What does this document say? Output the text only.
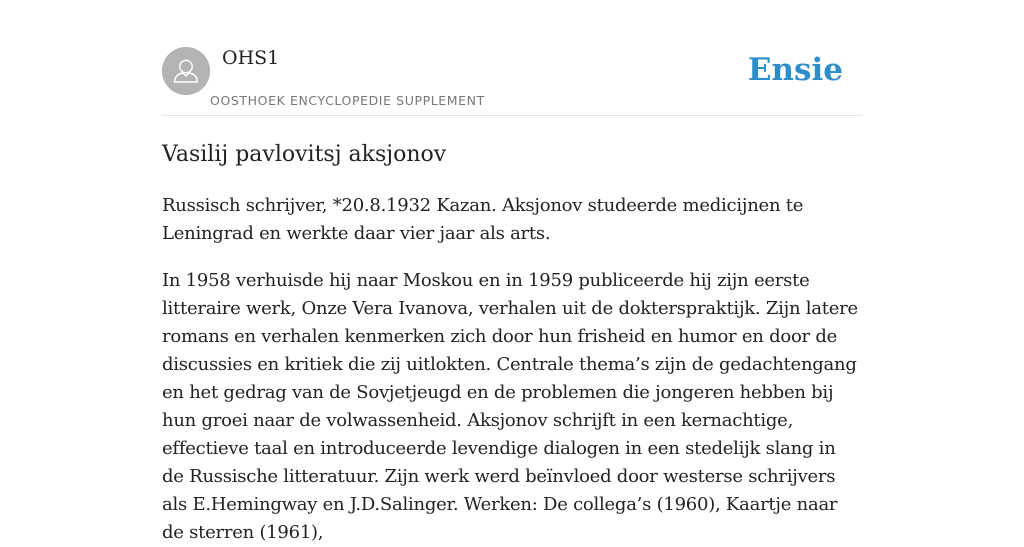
OHS1
OOSTHOEK ENCYCLOPEDIE SUPPLEMENT
Ensie
Vasilij pavlovitsj aksjonov

Russisch schrijver, *20.8.1932 Kazan. Aksjonov studeerde medicijnen te Leningrad en werkte daar vier jaar als arts.

In 1958 verhuisde hij naar Moskou en in 1959 publiceerde hij zijn eerste litteraire werk, Onze Vera Ivanova, verhalen uit de dokterspraktijk. Zijn latere romans en verhalen kenmerken zich door hun frisheid en humor en door de discussies en kritiek die zij uitlokten. Centrale thema’s zijn de gedachtengang en het gedrag van de Sovjetjeugd en de problemen die jongeren hebben bij hun groei naar de volwassenheid. Aksjonov schrijft in een kernachtige, effectieve taal en introduceerde levendige dialogen in een stedelijk slang in de Russische litteratuur. Zijn werk werd beïnvloed door westerse schrijvers als E.Hemingway en J.D.Salinger. Werken: De collega’s (1960), Kaartje naar de sterren (1961),
